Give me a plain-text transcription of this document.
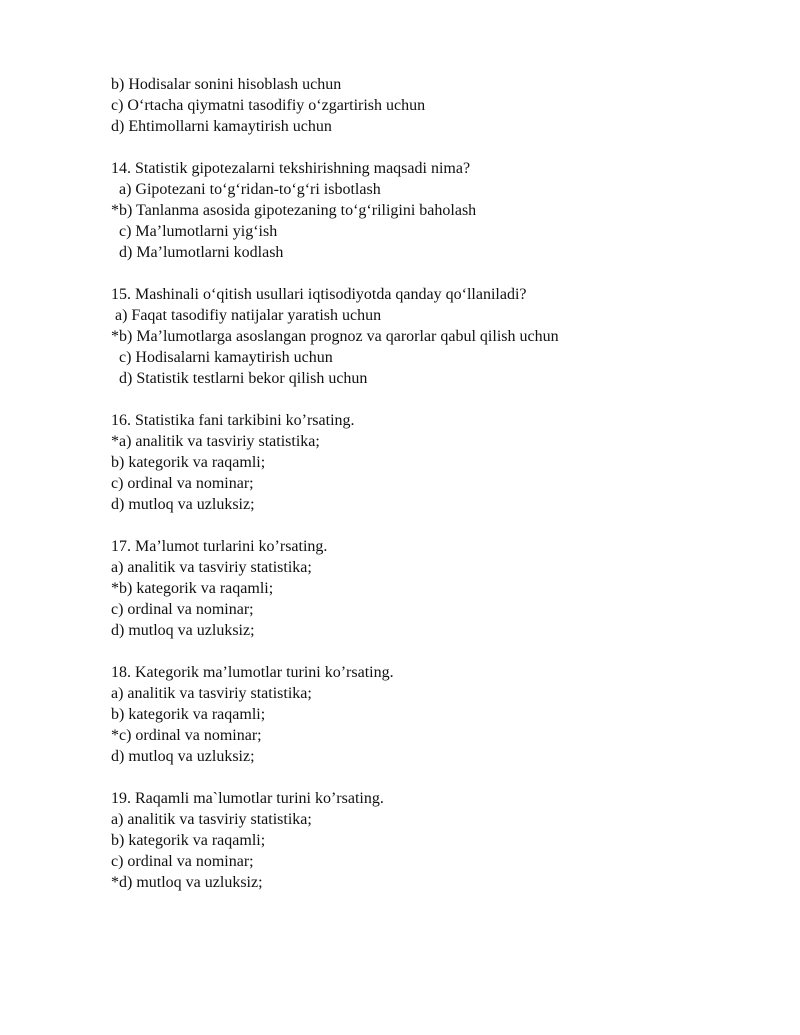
b) Hodisalar sonini hisoblash uchun
c) O‘rtacha qiymatni tasodifiy o‘zgartirish uchun
d) Ehtimollarni kamaytirish uchun
14. Statistik gipotezalarni tekshirishning maqsadi nima?
a) Gipotezani to‘g‘ridan-to‘g‘ri isbotlash
*b) Tanlanma asosida gipotezaning to‘g‘riligini baholash
c) Ma’lumotlarni yig‘ish
d) Ma’lumotlarni kodlash
15. Mashinali o‘qitish usullari iqtisodiyotda qanday qo‘llaniladi?
a) Faqat tasodifiy natijalar yaratish uchun
*b) Ma’lumotlarga asoslangan prognoz va qarorlar qabul qilish uchun
c) Hodisalarni kamaytirish uchun
d) Statistik testlarni bekor qilish uchun
16. Statistika fani tarkibini ko’rsating.
*a) analitik va tasviriy statistika;
b) kategorik va raqamli;
c) ordinal va nominar;
d) mutloq va uzluksiz;
17. Ma’lumot turlarini ko’rsating.
a) analitik va tasviriy statistika;
*b) kategorik va raqamli;
c) ordinal va nominar;
d) mutloq va uzluksiz;
18. Kategorik ma’lumotlar turini ko’rsating.
a) analitik va tasviriy statistika;
b) kategorik va raqamli;
*c) ordinal va nominar;
d) mutloq va uzluksiz;
19. Raqamli ma`lumotlar turini ko’rsating.
a) analitik va tasviriy statistika;
b) kategorik va raqamli;
c) ordinal va nominar;
*d) mutloq va uzluksiz;
